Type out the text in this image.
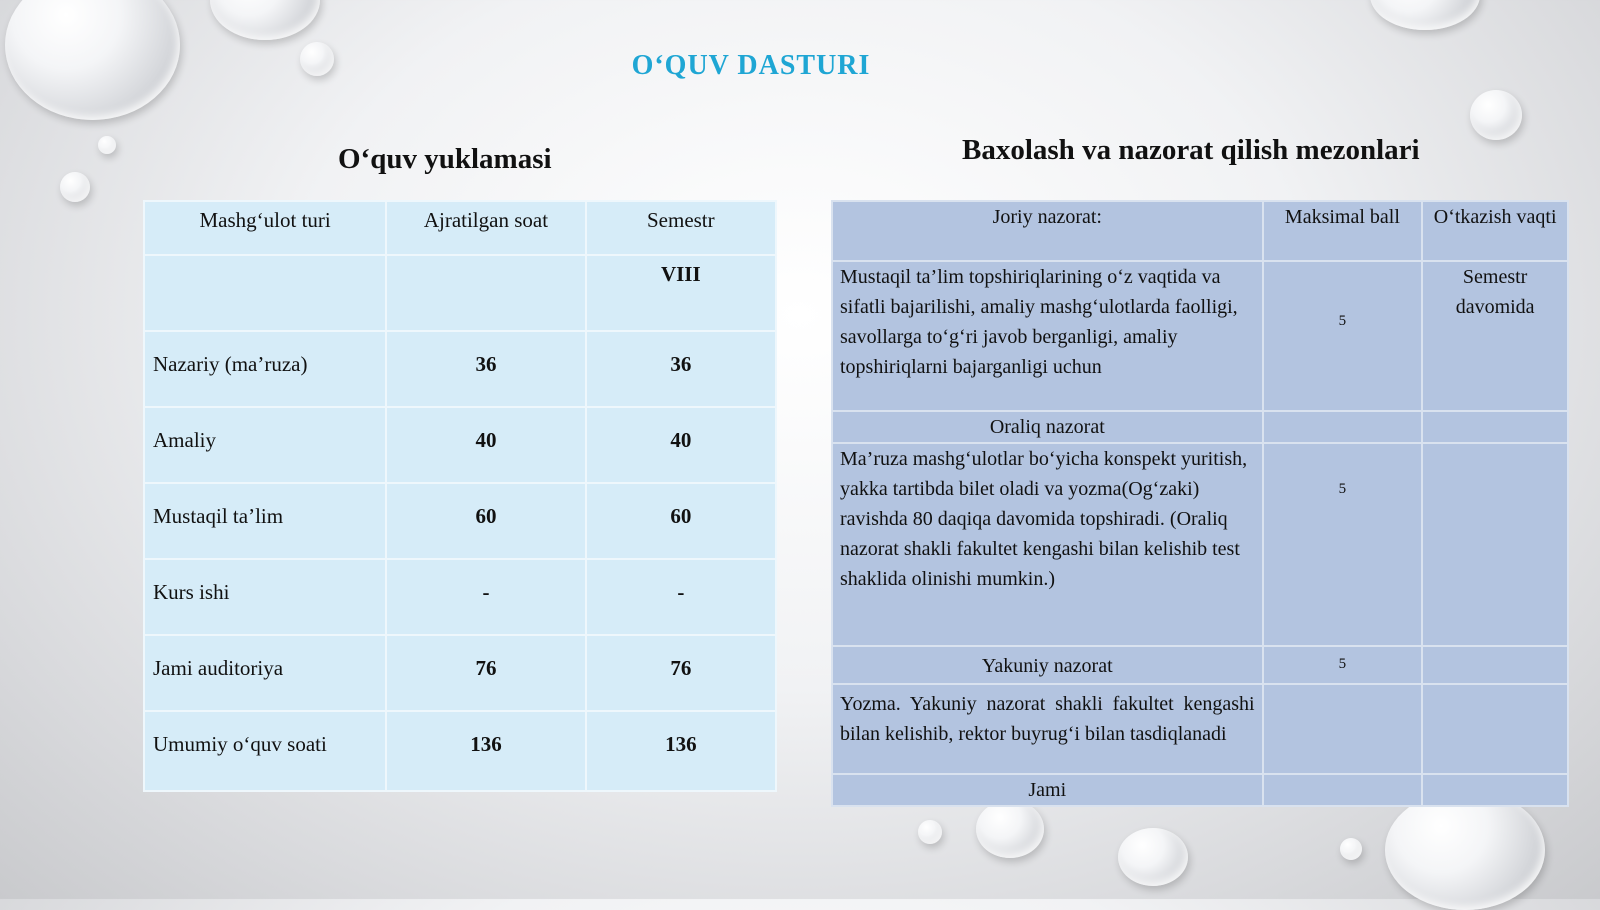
O‘QUV DASTURI
O‘quv yuklamasi	Baxolash va nazorat qilish mezonlari
Mashg‘ulot turi	Ajratilgan soat	Semestr
		VIII
Nazariy (ma’ruza)	36	36
Amaliy	40	40
Mustaqil ta’lim	60	60
Kurs ishi	-	-
Jami auditoriya	76	76
Umumiy o‘quv soati	136	136
Joriy nazorat:	Maksimal ball	O‘tkazish vaqti
Mustaqil ta’lim topshiriqlarining o‘z vaqtida va sifatli bajarilishi, amaliy mashg‘ulotlarda faolligi, savollarga to‘g‘ri javob berganligi, amaliy topshiriqlarni bajarganligi uchun	5	Semestr davomida
Oraliq nazorat		
Ma’ruza mashg‘ulotlar bo‘yicha konspekt yuritish, yakka tartibda bilet oladi va yozma(Og‘zaki) ravishda 80 daqiqa davomida topshiradi. (Oraliq nazorat shakli fakultet kengashi bilan kelishib test shaklida olinishi mumkin.)	5	
Yakuniy nazorat	5	
Yozma. Yakuniy nazorat shakli fakultet kengashi bilan kelishib, rektor buyrug‘i bilan tasdiqlanadi		
Jami		
